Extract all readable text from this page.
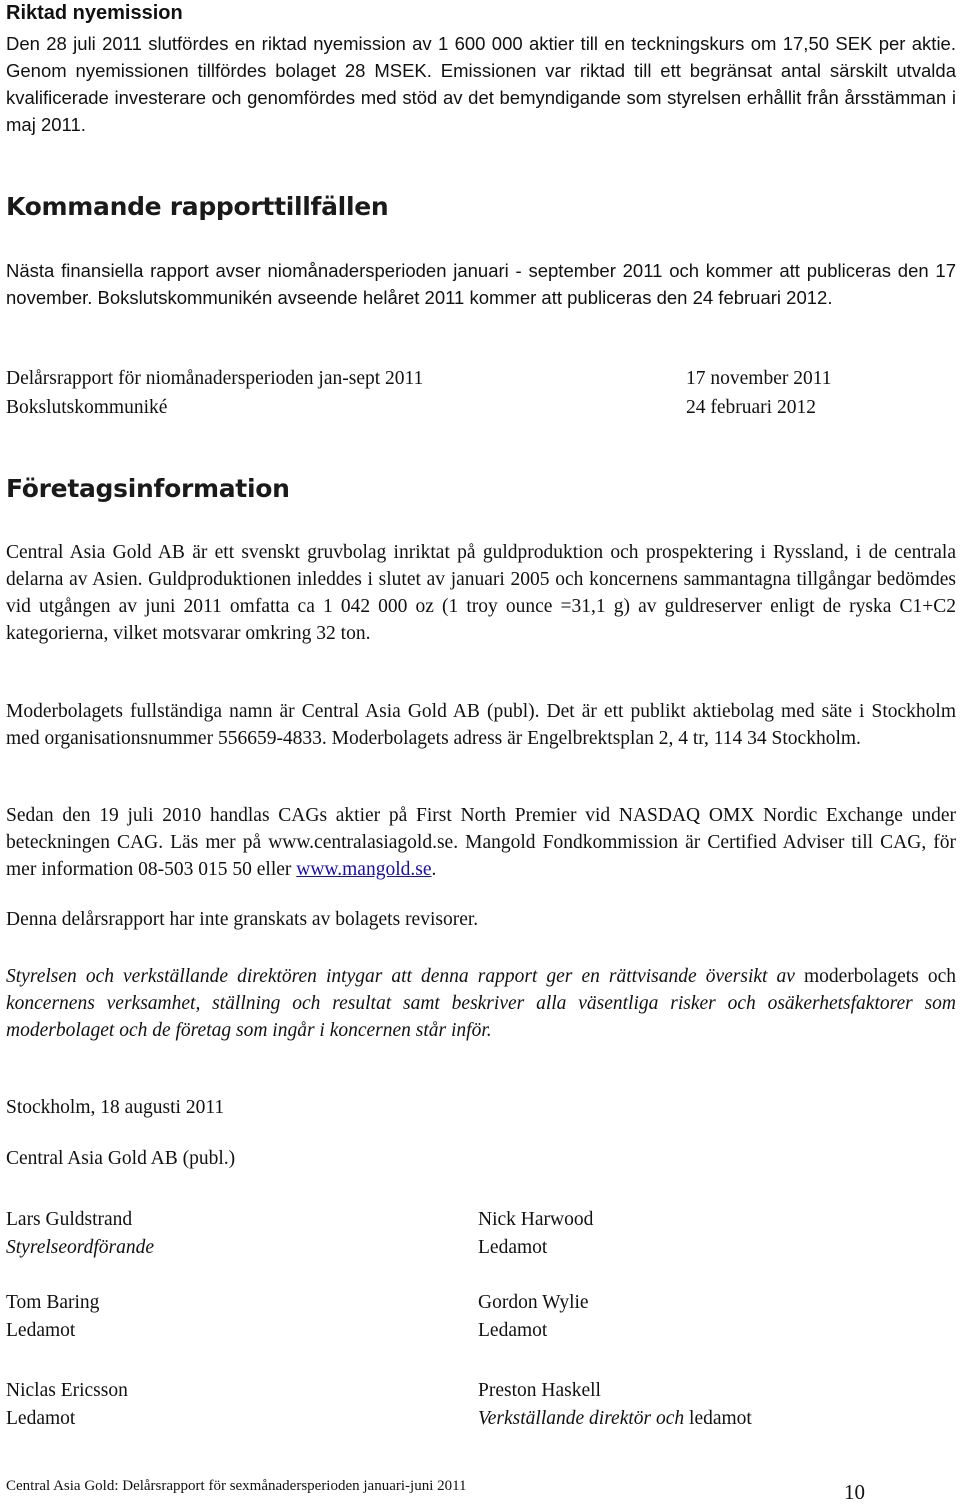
Riktad nyemission
Den 28 juli 2011 slutfördes en riktad nyemission av 1 600 000 aktier till en teckningskurs om 17,50 SEK per aktie. Genom nyemissionen tillfördes bolaget 28 MSEK. Emissionen var riktad till ett begränsat antal särskilt utvalda kvalificerade investerare och genomfördes med stöd av det bemyndigande som styrelsen erhållit från årsstämman i maj 2011.
Kommande rapporttillfällen
Nästa finansiella rapport avser niomånadersperioden januari - september 2011 och kommer att publiceras den 17 november. Bokslutskommunikén avseende helåret 2011 kommer att publiceras den 24 februari 2012.
Delårsrapport för niomånadersperioden jan-sept 2011	17 november 2011
Bokslutskommuniké	24 februari 2012
Företagsinformation
Central Asia Gold AB är ett svenskt gruvbolag inriktat på guldproduktion och prospektering i Ryssland, i de centrala delarna av Asien. Guldproduktionen inleddes i slutet av januari 2005 och koncernens sammantagna tillgångar bedömdes vid utgången av juni 2011 omfatta ca 1 042 000 oz (1 troy ounce =31,1 g) av guldreserver enligt de ryska C1+C2 kategorierna, vilket motsvarar omkring 32 ton.
Moderbolagets fullständiga namn är Central Asia Gold AB (publ). Det är ett publikt aktiebolag med säte i Stockholm med organisationsnummer 556659-4833. Moderbolagets adress är Engelbrektsplan 2, 4 tr, 114 34 Stockholm.
Sedan den 19 juli 2010 handlas CAGs aktier på First North Premier vid NASDAQ OMX Nordic Exchange under beteckningen CAG. Läs mer på www.centralasiagold.se. Mangold Fondkommission är Certified Adviser till CAG, för mer information 08-503 015 50 eller www.mangold.se.
Denna delårsrapport har inte granskats av bolagets revisorer.
Styrelsen och verkställande direktören intygar att denna rapport ger en rättvisande översikt av moderbolagets och koncernens verksamhet, ställning och resultat samt beskriver alla väsentliga risker och osäkerhetsfaktorer som moderbolaget och de företag som ingår i koncernen står inför.
Stockholm, 18 augusti 2011
Central Asia Gold AB (publ.)
Lars Guldstrand
Styrelseordförande
Nick Harwood
Ledamot
Tom Baring
Ledamot
Gordon Wylie
Ledamot
Niclas Ericsson
Ledamot
Preston Haskell
Verkställande direktör och ledamot
Central Asia Gold: Delårsrapport för sexmånadersperioden januari-juni 2011	10
